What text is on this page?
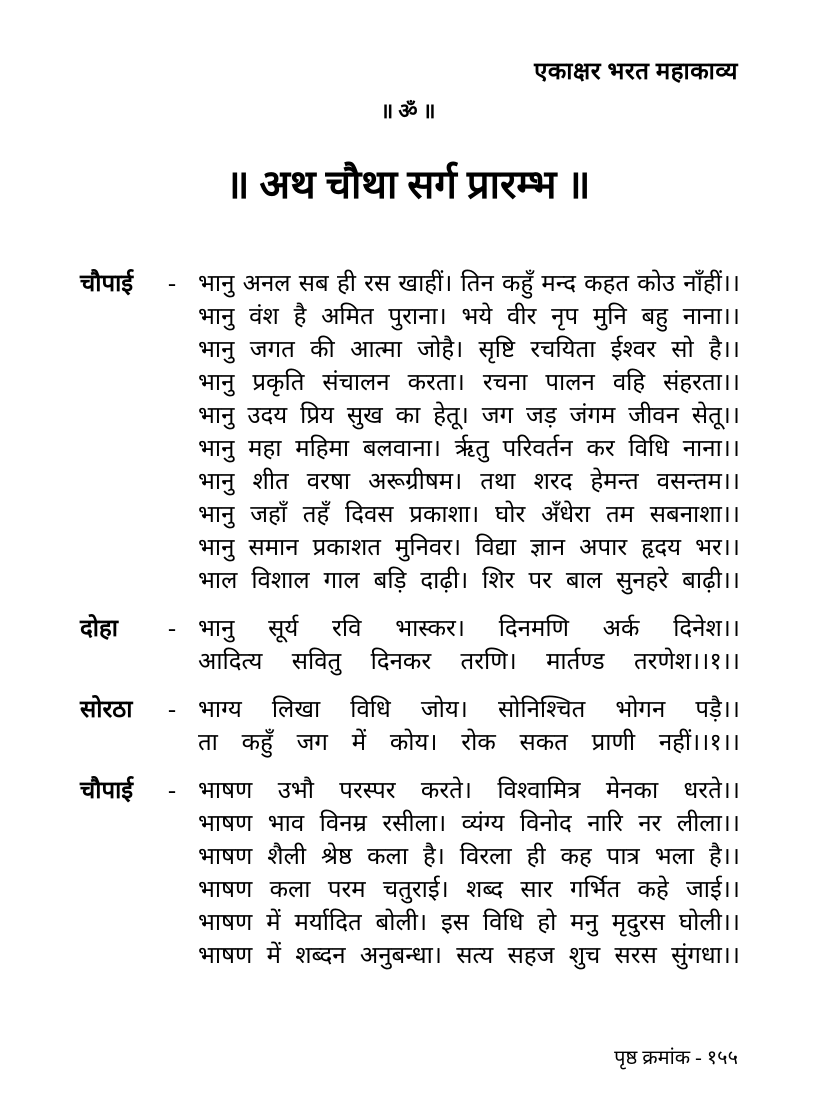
एकाक्षर भरत महाकाव्य
॥ ॐ ॥
॥ अथ चौथा सर्ग प्रारम्भ ॥
चौपाई	- भानु अनल सब ही रस खाहीं। तिन कहुँ मन्द कहत कोउ नाँहीं।।
भानु वंश है अमित पुराना। भये वीर नृप मुनि बहु नाना।।
भानु जगत की आत्मा जोहै। सृष्टि रचयिता ईश्वर सो है।।
भानु प्रकृति संचालन करता। रचना पालन वहि संहरता।।
भानु उदय प्रिय सुख का हेतू। जग जड़ जंगम जीवन सेतू।।
भानु महा महिमा बलवाना। ऋृतु परिवर्तन कर विधि नाना।।
भानु शीत वरषा अरूग्रीषम। तथा शरद हेमन्त वसन्तम।।
भानु जहाँ तहँ दिवस प्रकाशा। घोर अँधेरा तम सबनाशा।।
भानु समान प्रकाशत मुनिवर। विद्या ज्ञान अपार हृदय भर।।
भाल विशाल गाल बड़ि दाढ़ी। शिर पर बाल सुनहरे बाढ़ी।।
दोहा	- भानु सूर्य रवि भास्कर। दिनमणि अर्क दिनेश।।
आदित्य सवितु दिनकर तरणि। मार्तण्ड तरणेश।।१।।
सोरठा	- भाग्य लिखा विधि जोय। सोनिश्चित भोगन पड़ै।।
ता कहुँ जग में कोय। रोक सकत प्राणी नहीं।।१।।
चौपाई	- भाषण उभौ परस्पर करते। विश्वामित्र मेनका धरते।।
भाषण भाव विनम्र रसीला। व्यंग्य विनोद नारि नर लीला।।
भाषण शैली श्रेष्ठ कला है। विरला ही कह पात्र भला है।।
भाषण कला परम चतुराई। शब्द सार गर्भित कहे जाई।।
भाषण में मर्यादित बोली। इस विधि हो मनु मृदुरस घोली।।
भाषण में शब्दन अनुबन्धा। सत्य सहज शुच सरस सुंगधा।।
पृष्ठ क्रमांक - १५५
